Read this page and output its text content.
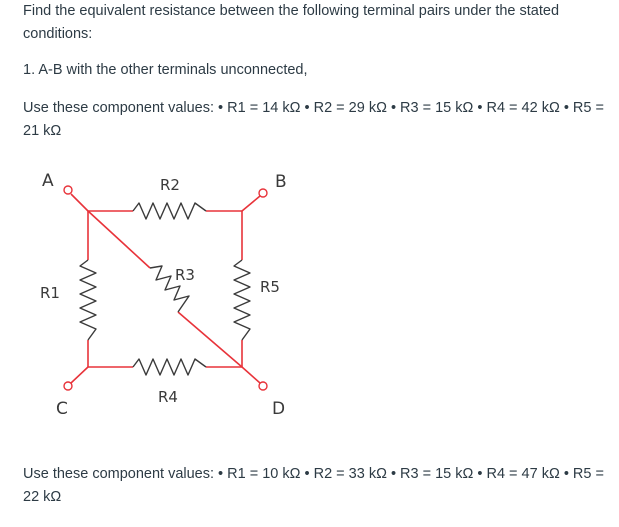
Find the equivalent resistance between the following terminal pairs under the stated conditions:
1. A-B with the other terminals unconnected,
Use these component values: • R1 = 14 kΩ • R2 = 29 kΩ • R3 = 15 kΩ • R4 = 42 kΩ • R5 = 21 kΩ
A	B
C	D
R2
R1
R3
R5
R4
Use these component values: • R1 = 10 kΩ • R2 = 33 kΩ • R3 = 15 kΩ • R4 = 47 kΩ • R5 = 22 kΩ
